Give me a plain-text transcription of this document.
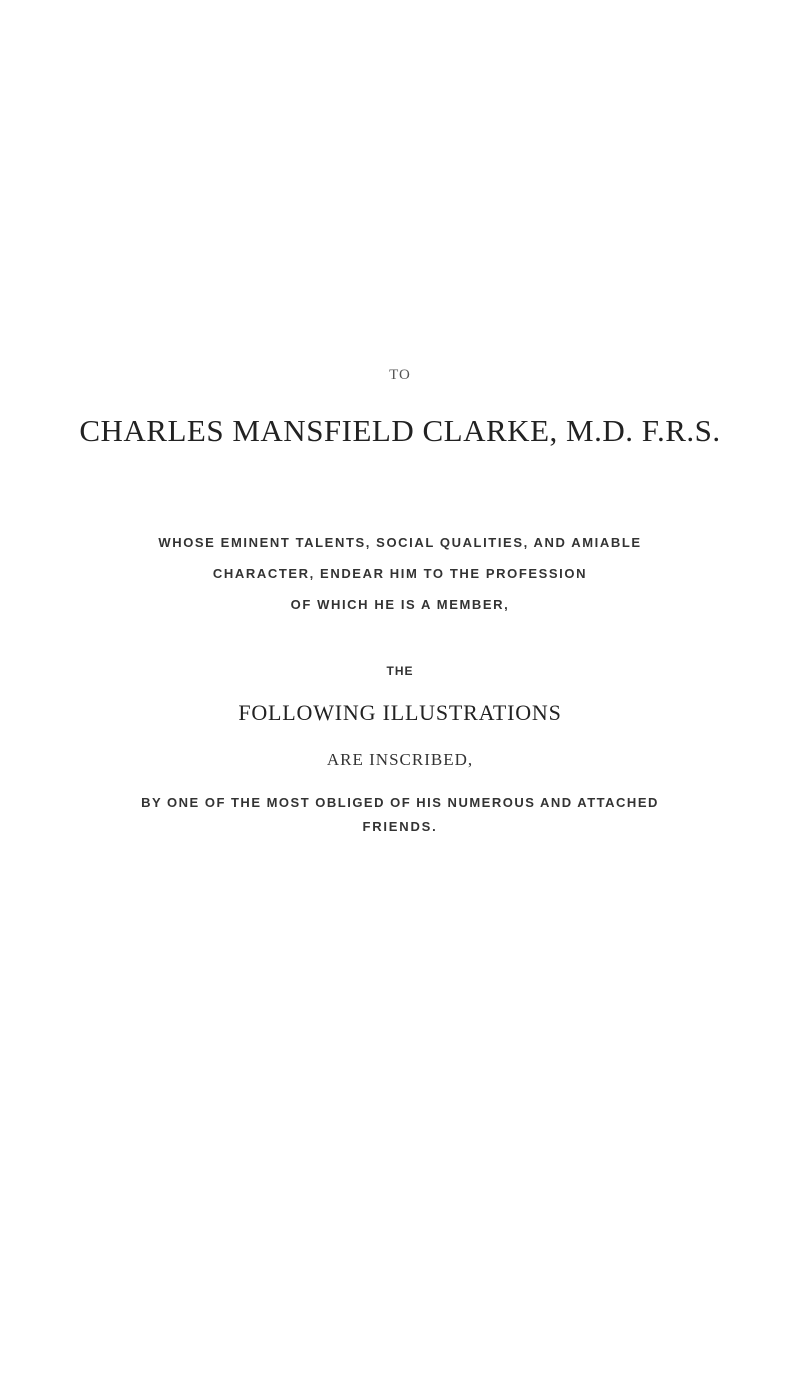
TO
CHARLES MANSFIELD CLARKE, M.D. F.R.S.
WHOSE EMINENT TALENTS, SOCIAL QUALITIES, AND AMIABLE
CHARACTER, ENDEAR HIM TO THE PROFESSION
OF WHICH HE IS A MEMBER,
THE
FOLLOWING ILLUSTRATIONS
ARE INSCRIBED,
BY ONE OF THE MOST OBLIGED OF HIS NUMEROUS AND ATTACHED
FRIENDS.
